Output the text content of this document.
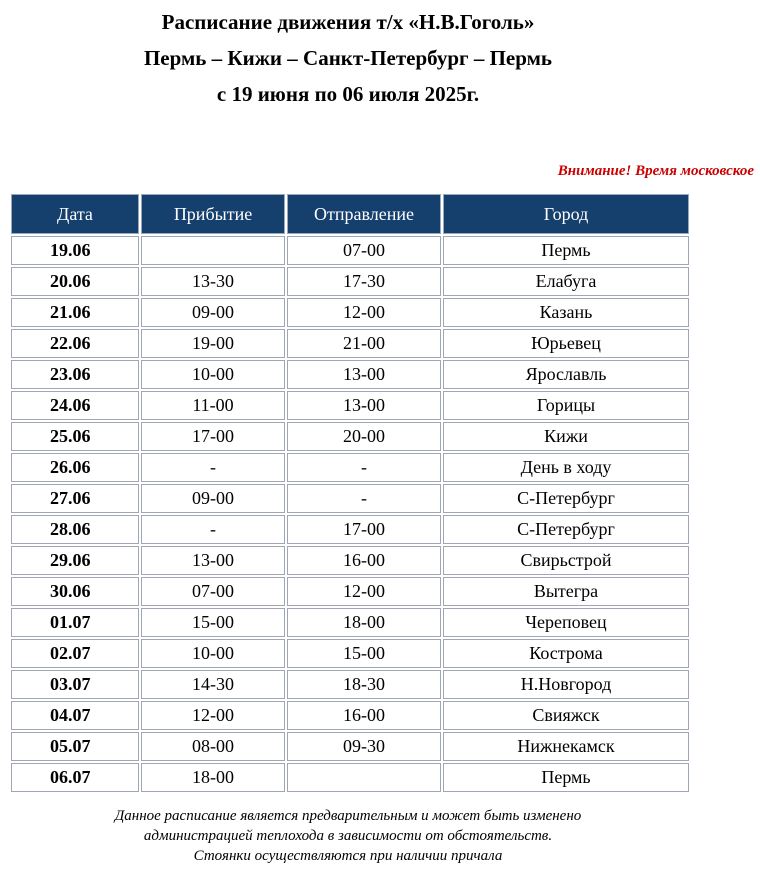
Расписание движения т/х «Н.В.Гоголь»
Пермь – Кижи – Санкт-Петербург – Пермь
с 19 июня по 06 июля 2025г.
Внимание! Время московское
Дата	Прибытие	Отправление	Город
19.06		07-00	Пермь
20.06	13-30	17-30	Елабуга
21.06	09-00	12-00	Казань
22.06	19-00	21-00	Юрьевец
23.06	10-00	13-00	Ярославль
24.06	11-00	13-00	Горицы
25.06	17-00	20-00	Кижи
26.06	-	-	День в ходу
27.06	09-00	-	С-Петербург
28.06	-	17-00	С-Петербург
29.06	13-00	16-00	Свирьстрой
30.06	07-00	12-00	Вытегра
01.07	15-00	18-00	Череповец
02.07	10-00	15-00	Кострома
03.07	14-30	18-30	Н.Новгород
04.07	12-00	16-00	Свияжск
05.07	08-00	09-30	Нижнекамск
06.07	18-00		Пермь
Данное расписание является предварительным и может быть изменено
администрацией теплохода в зависимости от обстоятельств.
Стоянки осуществляются при наличии причала
